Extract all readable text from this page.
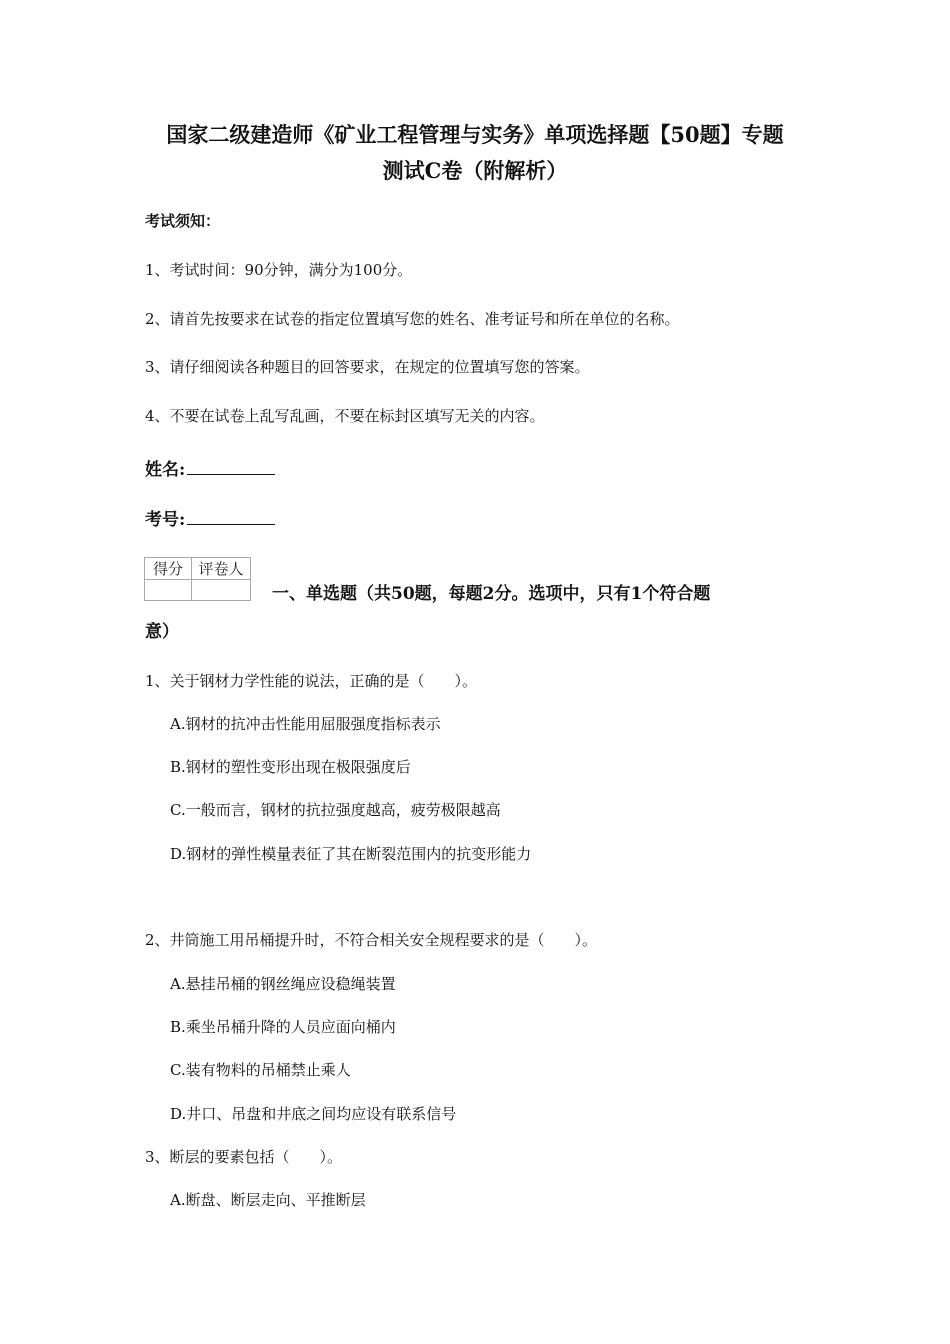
国家二级建造师《矿业工程管理与实务》单项选择题【50题】专题
测试C卷（附解析）
考试须知：
1、考试时间：90分钟，满分为100分。
2、请首先按要求在试卷的指定位置填写您的姓名、准考证号和所在单位的名称。
3、请仔细阅读各种题目的回答要求，在规定的位置填写您的答案。
4、不要在试卷上乱写乱画，不要在标封区填写无关的内容。
姓名:
考号:
得分	评卷人

一、单选题（共50题，每题2分。选项中，只有1个符合题
意）
1、关于钢材力学性能的说法，正确的是（　　）。
A.钢材的抗冲击性能用屈服强度指标表示
B.钢材的塑性变形出现在极限强度后
C.一般而言，钢材的抗拉强度越高，疲劳极限越高
D.钢材的弹性模量表征了其在断裂范围内的抗变形能力
2、井筒施工用吊桶提升时，不符合相关安全规程要求的是（　　）。
A.悬挂吊桶的钢丝绳应设稳绳装置
B.乘坐吊桶升降的人员应面向桶内
C.装有物料的吊桶禁止乘人
D.井口、吊盘和井底之间均应设有联系信号
3、断层的要素包括（　　）。
A.断盘、断层走向、平推断层
